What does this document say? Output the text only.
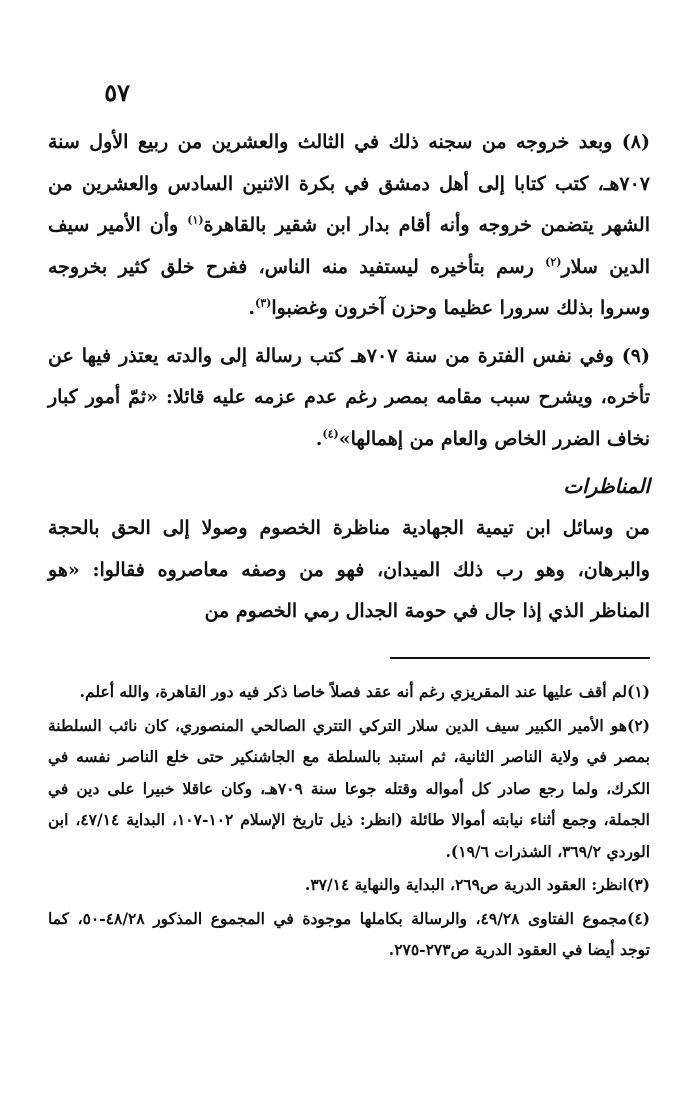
٥٧

(٨) وبعد خروجه من سجنه ذلك في الثالث والعشرين من ربيع الأول سنة ٧٠٧هـ، كتب كتابا إلى أهل دمشق في بكرة الاثنين السادس والعشرين من الشهر يتضمن خروجه وأنه أقام بدار ابن شقير بالقاهرة$^{(١)}$ وأن الأمير سيف الدين سلار$^{(٢)}$ رسم بتأخيره ليستفيد منه الناس، ففرح خلق كثير بخروجه وسروا بذلك سرورا عظيما وحزن آخرون وغضبوا$^{(٣)}$.

(٩) وفي نفس الفترة من سنة ٧٠٧هـ كتب رسالة إلى والدته يعتذر فيها عن تأخره، ويشرح سبب مقامه بمصر رغم عدم عزمه عليه قائلا: «ثمّ أمور كبار نخاف الضرر الخاص والعام من إهمالها»$^{(٤)}$.

المناظرات

من وسائل ابن تيمية الجهادية مناظرة الخصوم وصولا إلى الحق بالحجة والبرهان، وهو رب ذلك الميدان، فهو من وصفه معاصروه فقالوا: «هو المناظر الذي إذا جال في حومة الجدال رمي الخصوم من

(١)لم أقف عليها عند المقريزي رغم أنه عقد فصلاً خاصا ذكر فيه دور القاهرة، والله أعلم.

(٢)هو الأمير الكبير سيف الدين سلار التركي التتري الصالحي المنصوري، كان نائب السلطنة بمصر في ولاية الناصر الثانية، ثم استبد بالسلطة مع الجاشنكير حتى خلع الناصر نفسه في الكرك، ولما رجع صادر كل أمواله وقتله جوعا سنة ٧٠٩هـ، وكان عاقلا خبيرا على دين في الجملة، وجمع أثناء نيابته أموالا طائلة (انظر: ذيل تاريخ الإسلام ١٠٢-١٠٧، البداية ٤٧/١٤، ابن الوردي ٣٦٩/٢، الشذرات ١٩/٦).

(٣)انظر: العقود الدرية ص٢٦٩، البداية والنهاية ٣٧/١٤.

(٤)مجموع الفتاوى ٤٩/٢٨، والرسالة بكاملها موجودة في المجموع المذكور ٤٨/٢٨-٥٠، كما توجد أيضا في العقود الدرية ص٢٧٣-٢٧٥.
